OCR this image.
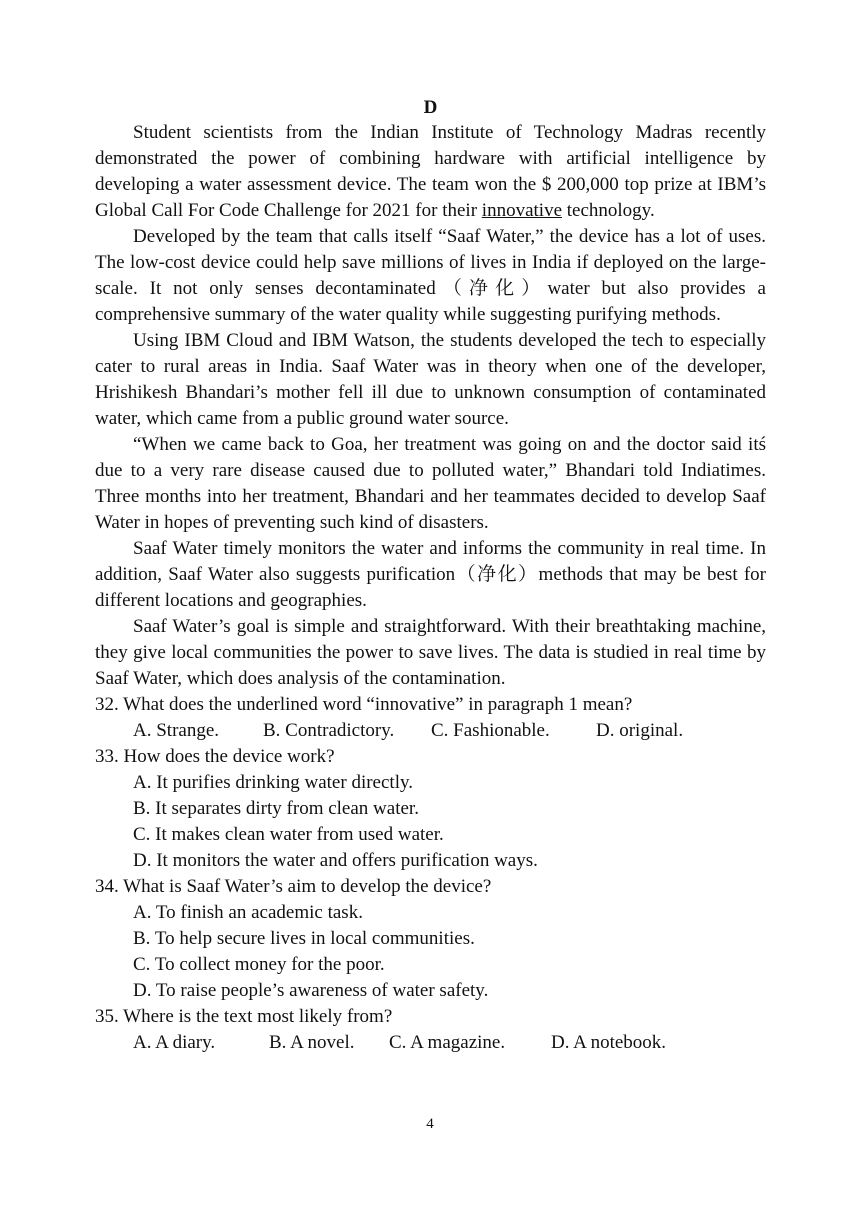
D

Student scientists from the Indian Institute of Technology Madras recently demonstrated the power of combining hardware with artificial intelligence by developing a water assessment device. The team won the $ 200,000 top prize at IBM’s Global Call For Code Challenge for 2021 for their innovative technology.

Developed by the team that calls itself “Saaf Water,” the device has a lot of uses. The low-cost device could help save millions of lives in India if deployed on the large-scale. It not only senses decontaminated（净化）water but also provides a comprehensive summary of the water quality while suggesting purifying methods.

Using IBM Cloud and IBM Watson, the students developed the tech to especially cater to rural areas in India. Saaf Water was in theory when one of the developer, Hrishikesh Bhandari’s mother fell ill due to unknown consumption of contaminated water, which came from a public ground water source.

“When we came back to Goa, her treatment was going on and the doctor said itś due to a very rare disease caused due to polluted water,” Bhandari told Indiatimes. Three months into her treatment, Bhandari and her teammates decided to develop Saaf Water in hopes of preventing such kind of disasters.

Saaf Water timely monitors the water and informs the community in real time. In addition, Saaf Water also suggests purification（净化）methods that may be best for different locations and geographies.

Saaf Water’s goal is simple and straightforward. With their breathtaking machine, they give local communities the power to save lives. The data is studied in real time by Saaf Water, which does analysis of the contamination.

32. What does the underlined word “innovative” in paragraph 1 mean?

A. Strange.	B. Contradictory.	C. Fashionable.	D. original.

33. How does the device work?

A. It purifies drinking water directly.

B. It separates dirty from clean water.

C. It makes clean water from used water.

D. It monitors the water and offers purification ways.

34. What is Saaf Water’s aim to develop the device?

A. To finish an academic task.

B. To help secure lives in local communities.

C. To collect money for the poor.

D. To raise people’s awareness of water safety.

35. Where is the text most likely from?

A. A diary.	B. A novel.	C. A magazine.	D. A notebook.
4
